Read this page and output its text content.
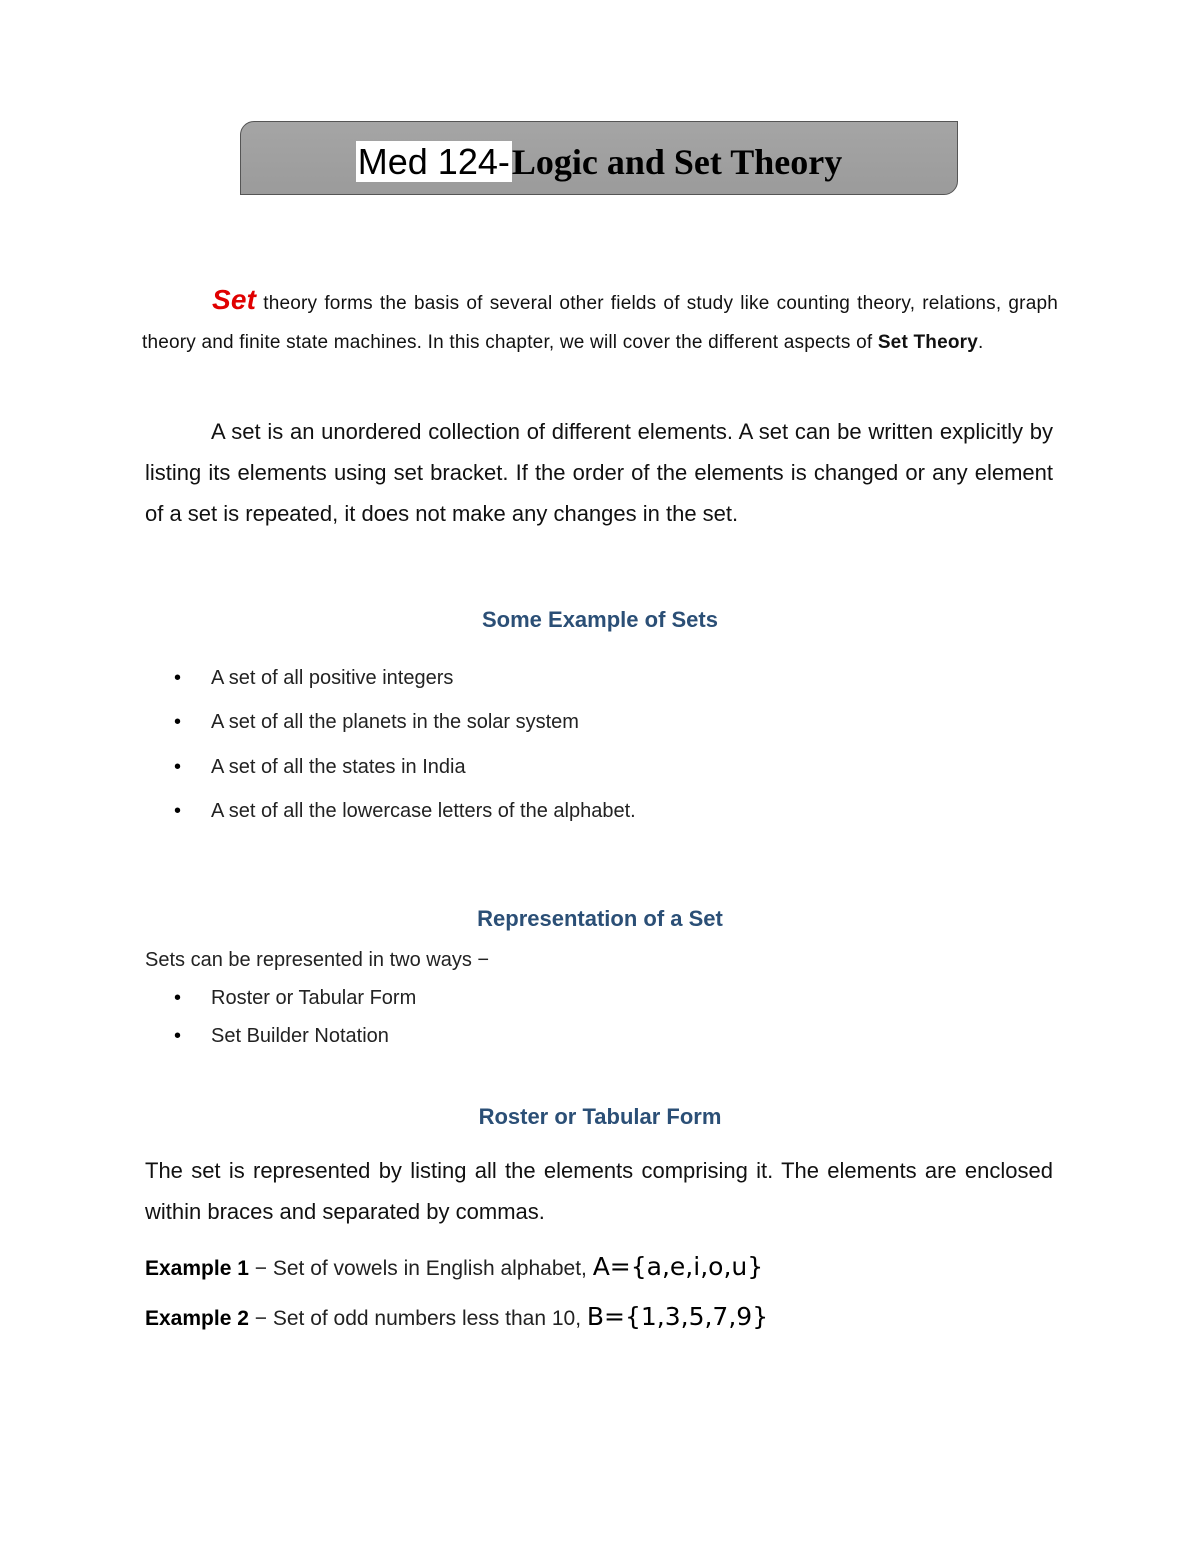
Med 124-Logic and Set Theory
Set theory forms the basis of several other fields of study like counting theory, relations, graph theory and finite state machines. In this chapter, we will cover the different aspects of Set Theory.
A set is an unordered collection of different elements. A set can be written explicitly by listing its elements using set bracket. If the order of the elements is changed or any element of a set is repeated, it does not make any changes in the set.
Some Example of Sets
• A set of all positive integers
• A set of all the planets in the solar system
• A set of all the states in India
• A set of all the lowercase letters of the alphabet.
Representation of a Set
Sets can be represented in two ways −
• Roster or Tabular Form
• Set Builder Notation
Roster or Tabular Form
The set is represented by listing all the elements comprising it. The elements are enclosed within braces and separated by commas.
Example 1 − Set of vowels in English alphabet, A={a,e,i,o,u}
Example 2 − Set of odd numbers less than 10, B={1,3,5,7,9}
